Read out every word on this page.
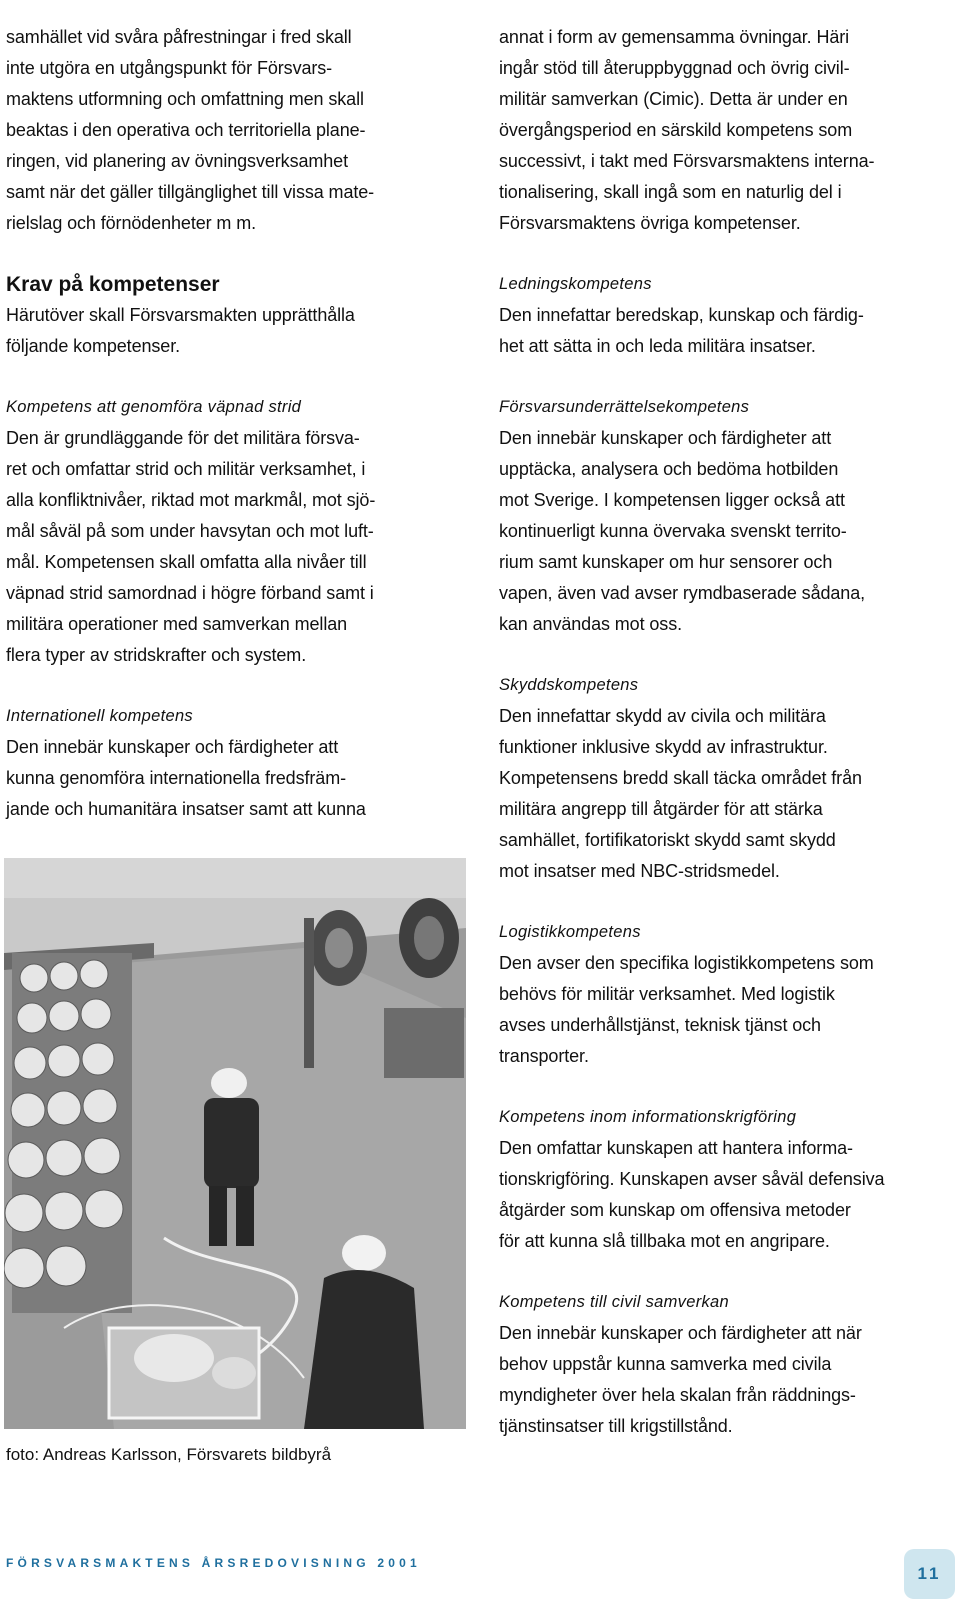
samhället vid svåra påfrestningar i fred skall
inte utgöra en utgångspunkt för Försvars-
maktens utformning och omfattning men skall
beaktas i den operativa och territoriella plane-
ringen, vid planering av övningsverksamhet
samt när det gäller tillgänglighet till vissa mate-
rielslag och förnödenheter m m.
Krav på kompetenser
Härutöver skall Försvarsmakten upprätthålla
följande kompetenser.
Kompetens att genomföra väpnad strid
Den är grundläggande för det militära försva-
ret och omfattar strid och militär verksamhet, i
alla konfliktnivåer, riktad mot markmål, mot sjö-
mål såväl på som under havsytan och mot luft-
mål. Kompetensen skall omfatta alla nivåer till
väpnad strid samordnad i högre förband samt i
militära operationer med samverkan mellan
flera typer av stridskrafter och system.
Internationell kompetens
Den innebär kunskaper och färdigheter att
kunna genomföra internationella fredsfräm-
jande och humanitära insatser samt att kunna
foto: Andreas Karlsson, Försvarets bildbyrå
annat i form av gemensamma övningar. Häri
ingår stöd till återuppbyggnad och övrig civil-
militär samverkan (Cimic). Detta är under en
övergångsperiod en särskild kompetens som
successivt, i takt med Försvarsmaktens interna-
tionalisering, skall ingå som en naturlig del i
Försvarsmaktens övriga kompetenser.
Ledningskompetens
Den innefattar beredskap, kunskap och färdig-
het att sätta in och leda militära insatser.
Försvarsunderrättelsekompetens
Den innebär kunskaper och färdigheter att
upptäcka, analysera och bedöma hotbilden
mot Sverige. I kompetensen ligger också att
kontinuerligt kunna övervaka svenskt territo-
rium samt kunskaper om hur sensorer och
vapen, även vad avser rymdbaserade sådana,
kan användas mot oss.
Skyddskompetens
Den innefattar skydd av civila och militära
funktioner inklusive skydd av infrastruktur.
Kompetensens bredd skall täcka området från
militära angrepp till åtgärder för att stärka
samhället, fortifikatoriskt skydd samt skydd
mot insatser med NBC-stridsmedel.
Logistikkompetens
Den avser den specifika logistikkompetens som
behövs för militär verksamhet. Med logistik
avses underhållstjänst, teknisk tjänst och
transporter.
Kompetens inom informationskrigföring
Den omfattar kunskapen att hantera informa-
tionskrigföring. Kunskapen avser såväl defensiva
åtgärder som kunskap om offensiva metoder
för att kunna slå tillbaka mot en angripare.
Kompetens till civil samverkan
Den innebär kunskaper och färdigheter att när
behov uppstår kunna samverka med civila
myndigheter över hela skalan från räddnings-
tjänstinsatser till krigstillstånd.
FÖRSVARSMAKTENS ÅRSREDOVISNING 2001
11
